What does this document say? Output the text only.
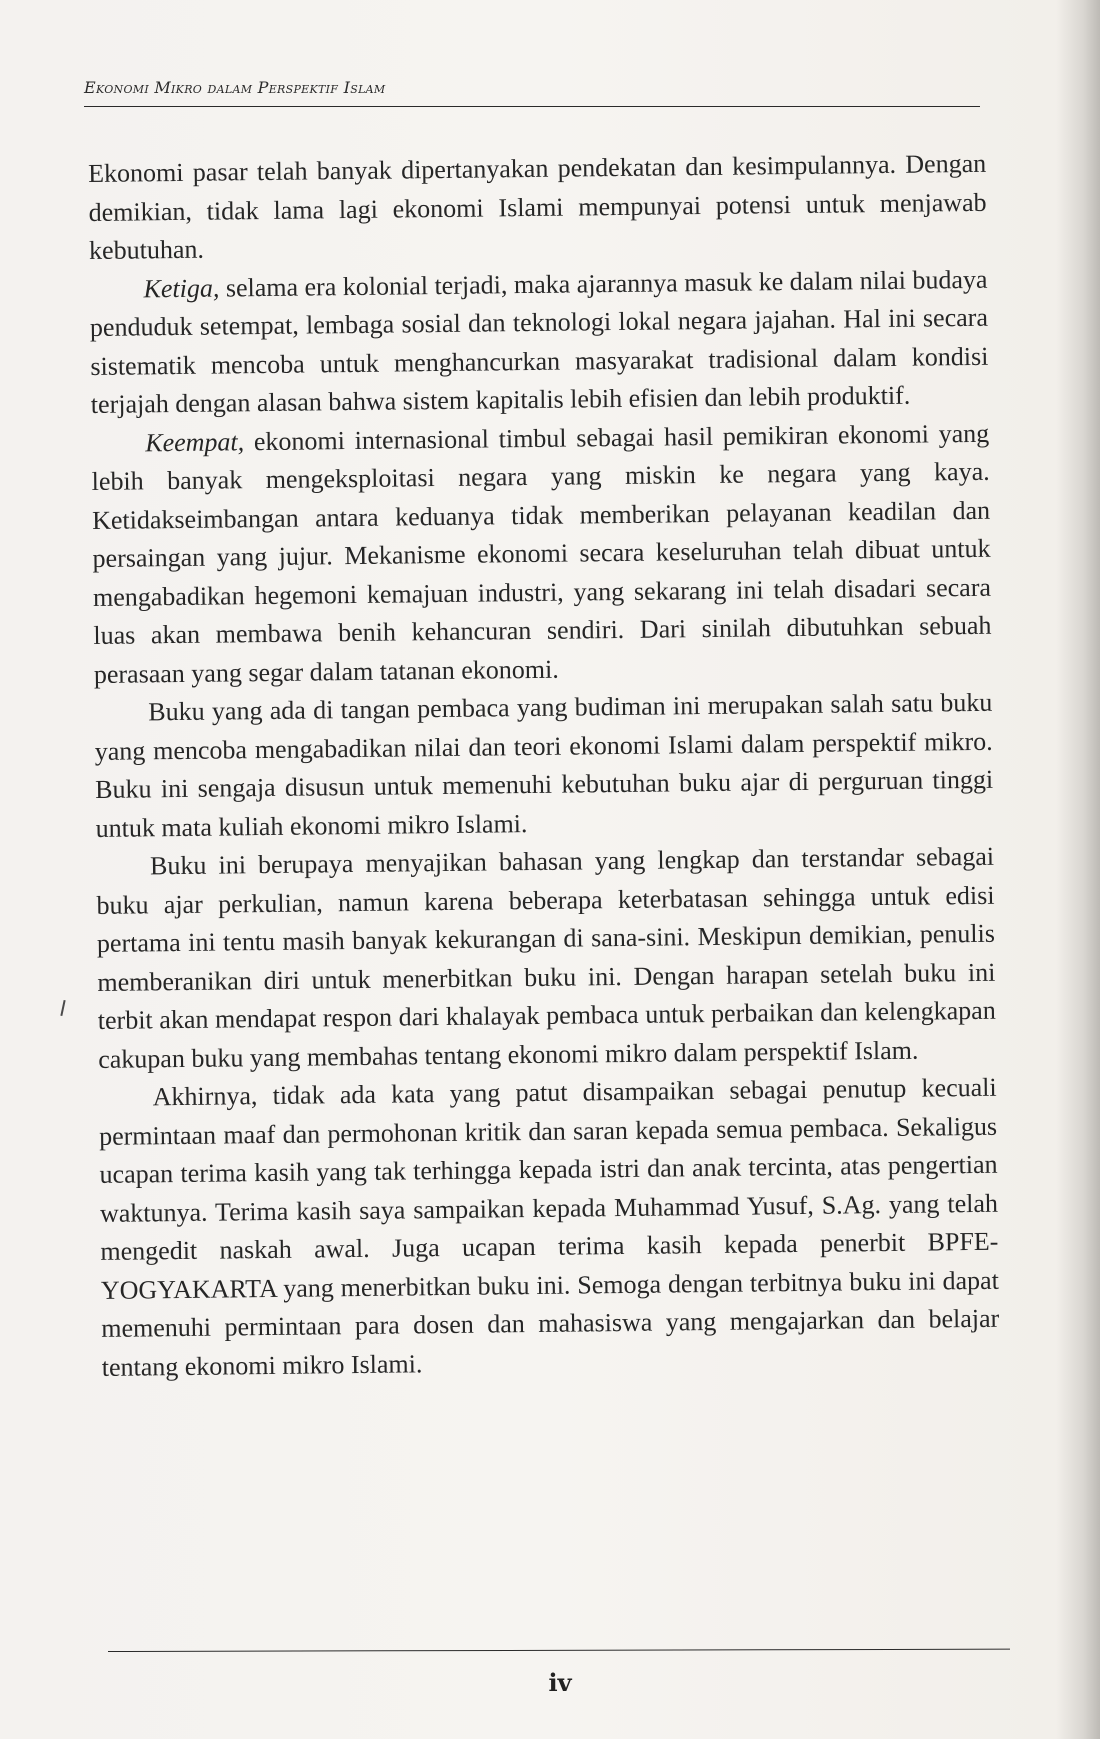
Ekonomi Mikro dalam Perspektif Islam

Ekonomi pasar telah banyak dipertanyakan pendekatan dan kesimpulannya. Dengan demikian, tidak lama lagi ekonomi Islami mempunyai potensi untuk menjawab kebutuhan.

Ketiga, selama era kolonial terjadi, maka ajarannya masuk ke dalam nilai budaya penduduk setempat, lembaga sosial dan teknologi lokal negara jajahan. Hal ini secara sistematik mencoba untuk menghancurkan masyarakat tradisional dalam kondisi terjajah dengan alasan bahwa sistem kapitalis lebih efisien dan lebih produktif.

Keempat, ekonomi internasional timbul sebagai hasil pemikiran ekonomi yang lebih banyak mengeksploitasi negara yang miskin ke negara yang kaya. Ketidakseimbangan antara keduanya tidak memberikan pelayanan keadilan dan persaingan yang jujur. Mekanisme ekonomi secara keseluruhan telah dibuat untuk mengabadikan hegemoni kemajuan industri, yang sekarang ini telah disadari secara luas akan membawa benih kehancuran sendiri. Dari sinilah dibutuhkan sebuah perasaan yang segar dalam tatanan ekonomi.

Buku yang ada di tangan pembaca yang budiman ini merupakan salah satu buku yang mencoba mengabadikan nilai dan teori ekonomi Islami dalam perspektif mikro. Buku ini sengaja disusun untuk memenuhi kebutuhan buku ajar di perguruan tinggi untuk mata kuliah ekonomi mikro Islami.

Buku ini berupaya menyajikan bahasan yang lengkap dan terstandar sebagai buku ajar perkulian, namun karena beberapa keterbatasan sehingga untuk edisi pertama ini tentu masih banyak kekurangan di sana-sini. Meskipun demikian, penulis memberanikan diri untuk menerbitkan buku ini. Dengan harapan setelah buku ini terbit akan mendapat respon dari khalayak pembaca untuk perbaikan dan kelengkapan cakupan buku yang membahas tentang ekonomi mikro dalam perspektif Islam.

Akhirnya, tidak ada kata yang patut disampaikan sebagai penutup kecuali permintaan maaf dan permohonan kritik dan saran kepada semua pembaca. Sekaligus ucapan terima kasih yang tak terhingga kepada istri dan anak tercinta, atas pengertian waktunya. Terima kasih saya sampaikan kepada Muhammad Yusuf, S.Ag. yang telah mengedit naskah awal. Juga ucapan terima kasih kepada penerbit BPFE-YOGYAKARTA yang menerbitkan buku ini. Semoga dengan terbitnya buku ini dapat memenuhi permintaan para dosen dan mahasiswa yang mengajarkan dan belajar tentang ekonomi mikro Islami.

iv
